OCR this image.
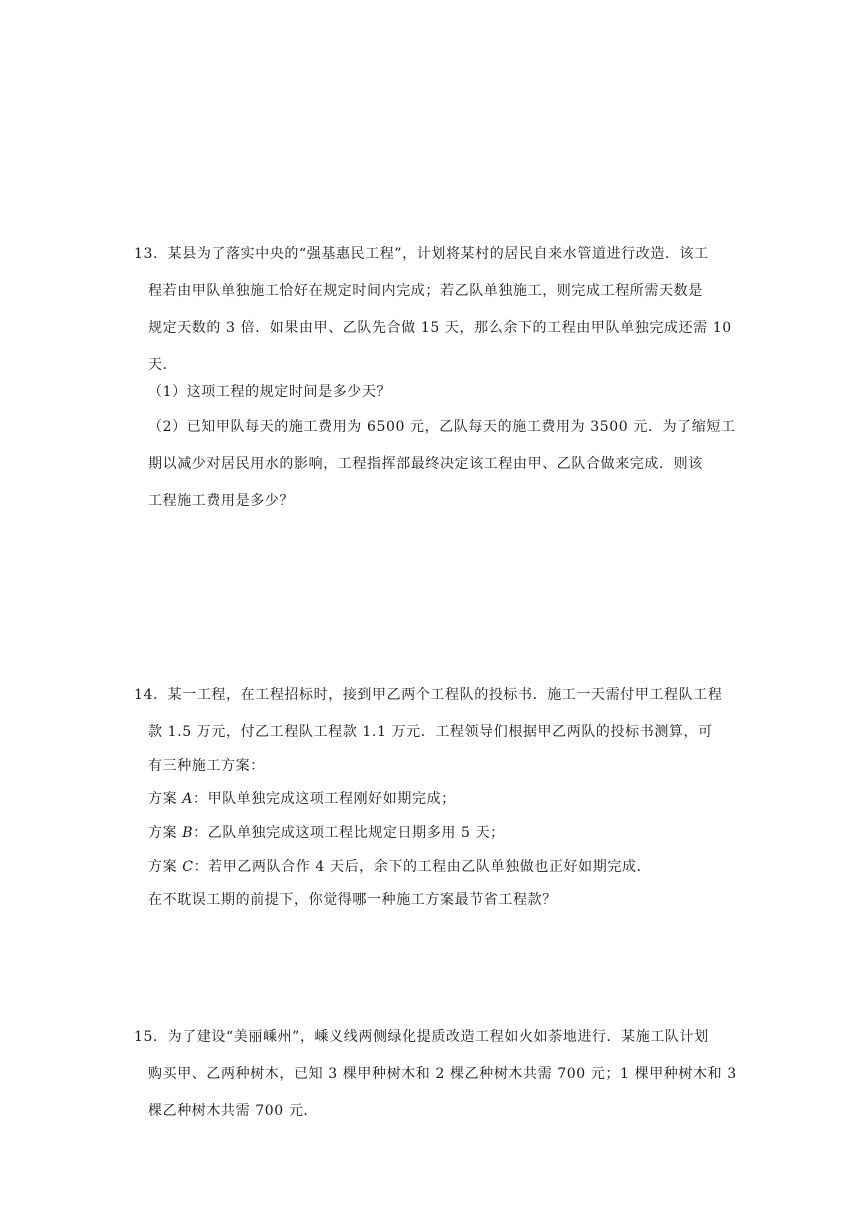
13．某县为了落实中央的“强基惠民工程”，计划将某村的居民自来水管道进行改造．该工
程若由甲队单独施工恰好在规定时间内完成；若乙队单独施工，则完成工程所需天数是
规定天数的 3 倍．如果由甲、乙队先合做 15 天，那么余下的工程由甲队单独完成还需 10
天．
（1）这项工程的规定时间是多少天？
（2）已知甲队每天的施工费用为 6500 元，乙队每天的施工费用为 3500 元．为了缩短工
期以减少对居民用水的影响，工程指挥部最终决定该工程由甲、乙队合做来完成．则该
工程施工费用是多少？
14．某一工程，在工程招标时，接到甲乙两个工程队的投标书．施工一天需付甲工程队工程
款 1.5 万元，付乙工程队工程款 1.1 万元．工程领导们根据甲乙两队的投标书测算，可
有三种施工方案：
方案 A：甲队单独完成这项工程刚好如期完成；
方案 B：乙队单独完成这项工程比规定日期多用 5 天；
方案 C：若甲乙两队合作 4 天后，余下的工程由乙队单独做也正好如期完成．
在不耽误工期的前提下，你觉得哪一种施工方案最节省工程款？
15．为了建设“美丽嵊州”，嵊义线两侧绿化提质改造工程如火如荼地进行．某施工队计划
购买甲、乙两种树木，已知 3 棵甲种树木和 2 棵乙种树木共需 700 元；1 棵甲种树木和 3
棵乙种树木共需 700 元．
